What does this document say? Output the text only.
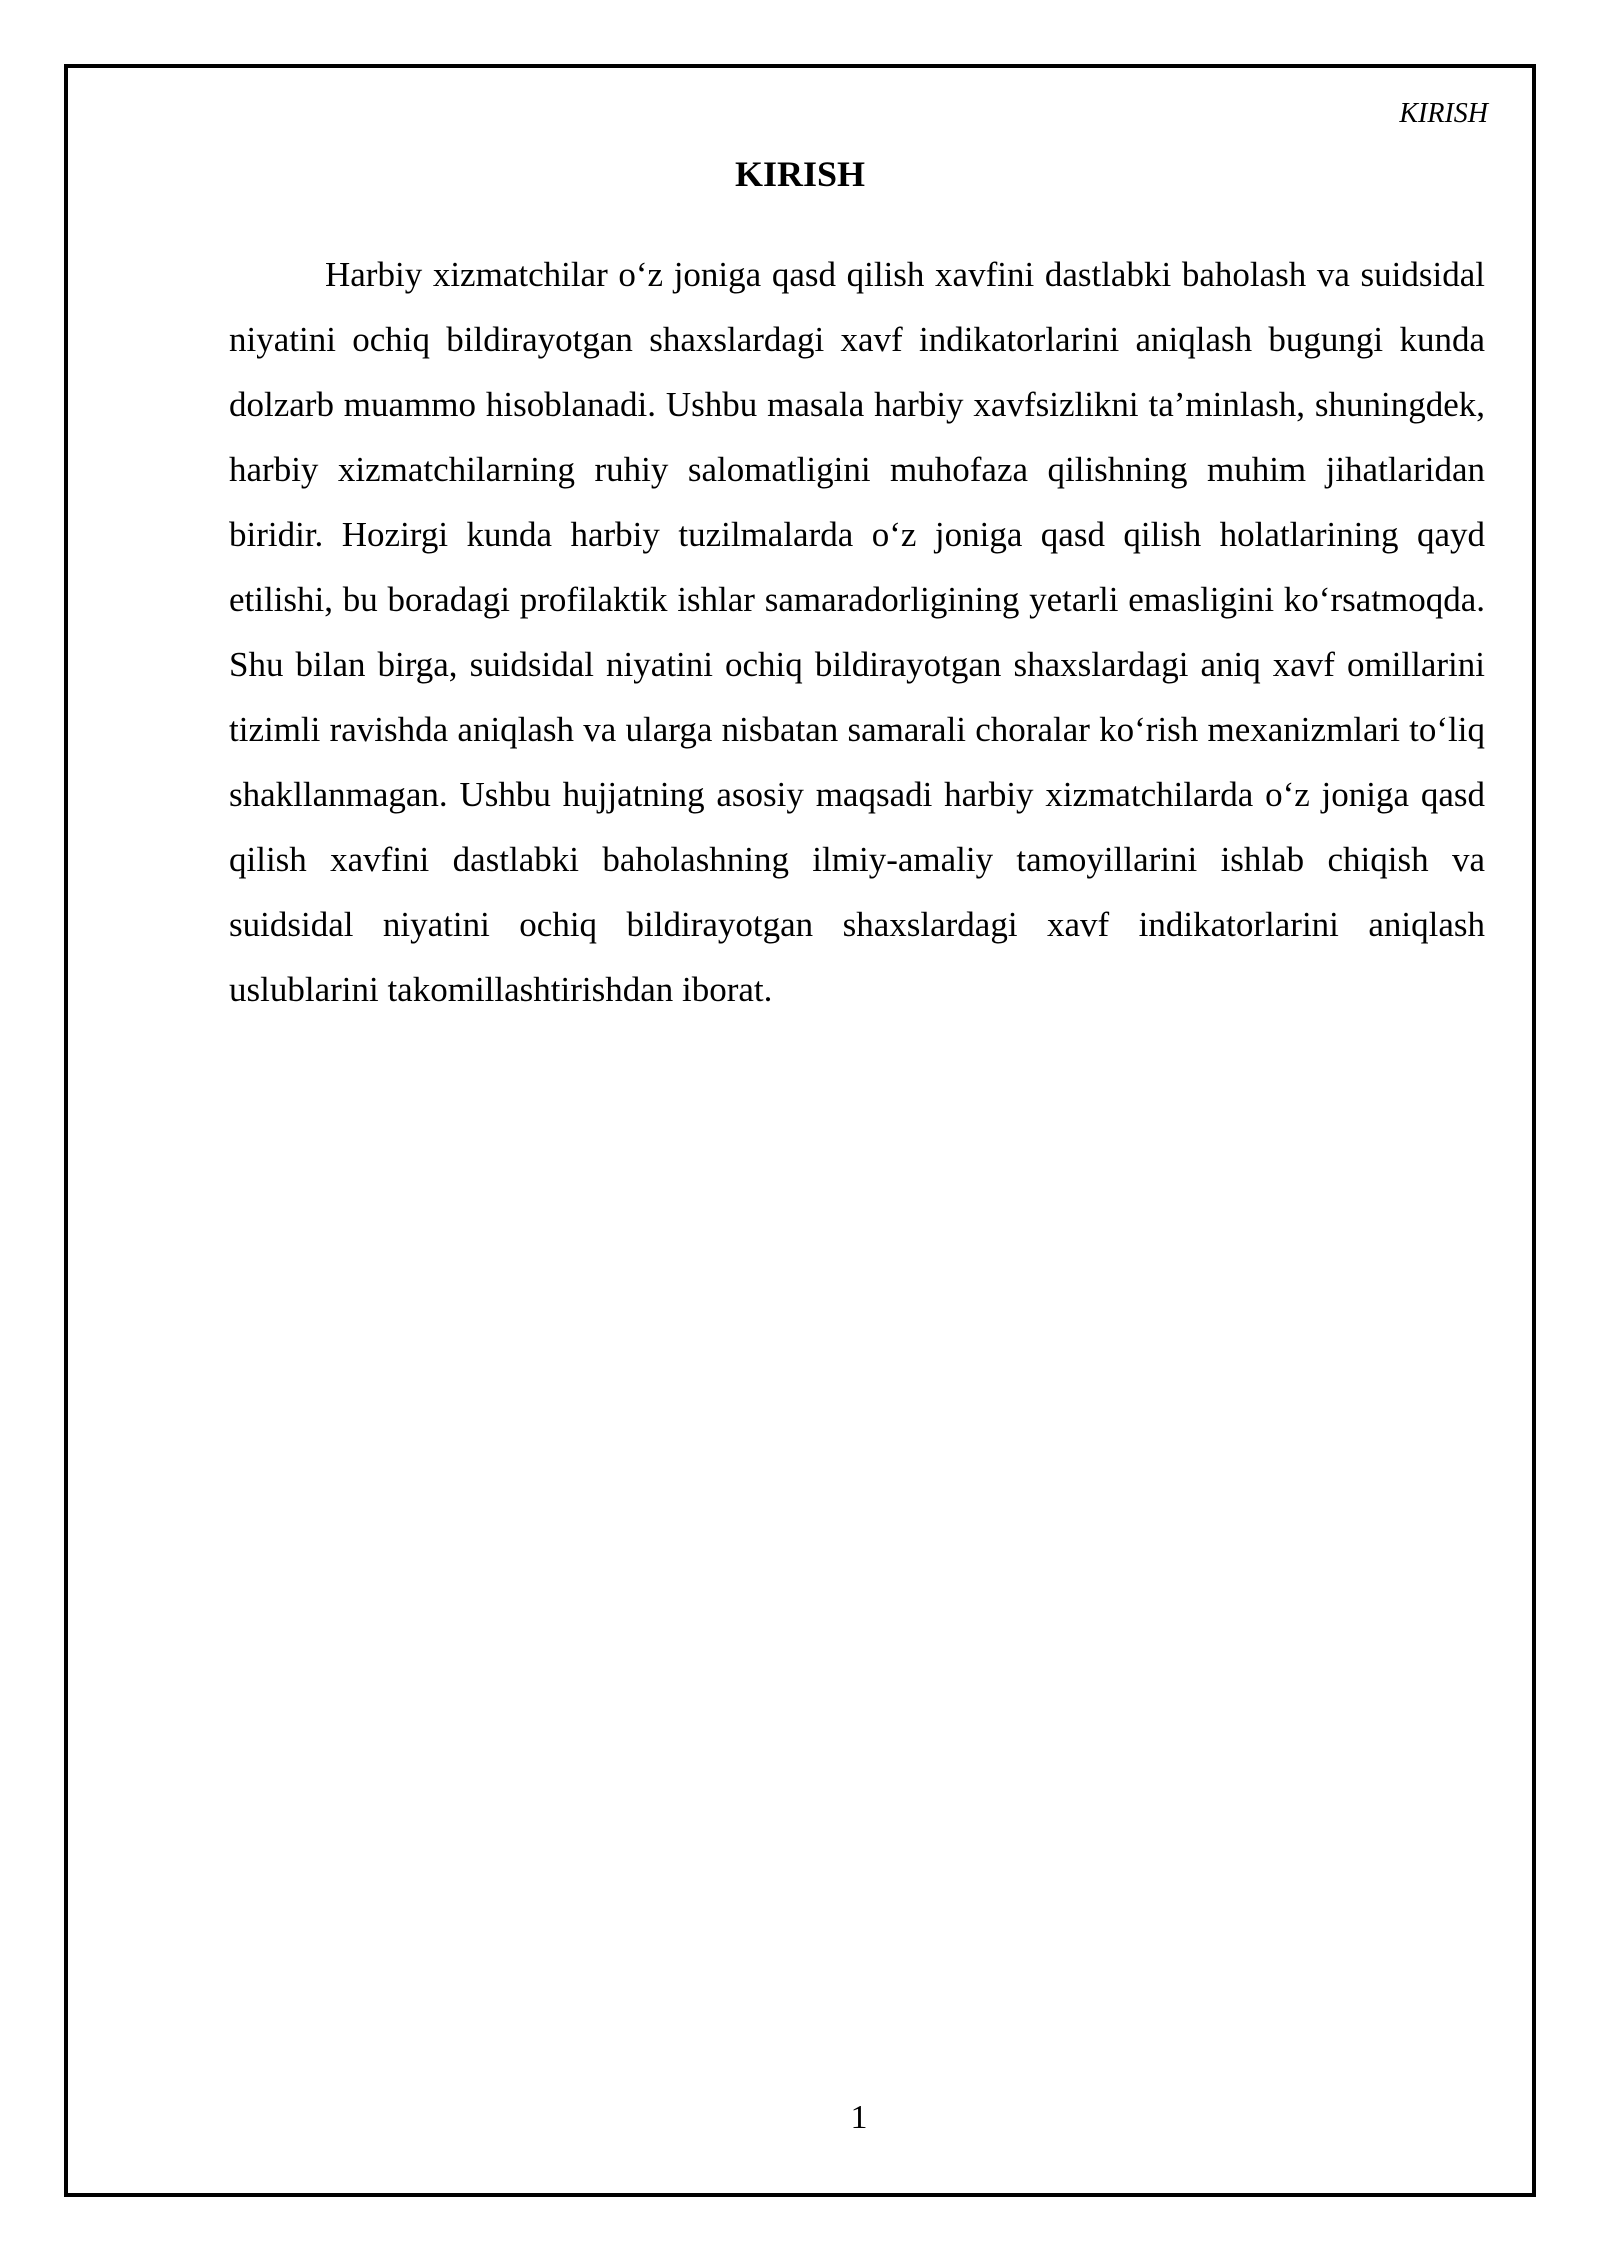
KIRISH
KIRISH

Harbiy xizmatchilar o‘z joniga qasd qilish xavfini dastlabki baholash va suidsidal niyatini ochiq bildirayotgan shaxslardagi xavf indikatorlarini aniqlash bugungi kunda dolzarb muammo hisoblanadi. Ushbu masala harbiy xavfsizlikni ta’minlash, shuningdek, harbiy xizmatchilarning ruhiy salomatligini muhofaza qilishning muhim jihatlaridan biridir. Hozirgi kunda harbiy tuzilmalarda o‘z joniga qasd qilish holatlarining qayd etilishi, bu boradagi profilaktik ishlar samaradorligining yetarli emasligini ko‘rsatmoqda. Shu bilan birga, suidsidal niyatini ochiq bildirayotgan shaxslardagi aniq xavf omillarini tizimli ravishda aniqlash va ularga nisbatan samarali choralar ko‘rish mexanizmlari to‘liq shakllanmagan. Ushbu hujjatning asosiy maqsadi harbiy xizmatchilarda o‘z joniga qasd qilish xavfini dastlabki baholashning ilmiy-amaliy tamoyillarini ishlab chiqish va suidsidal niyatini ochiq bildirayotgan shaxslardagi xavf indikatorlarini aniqlash uslublarini takomillashtirishdan iborat.

1
